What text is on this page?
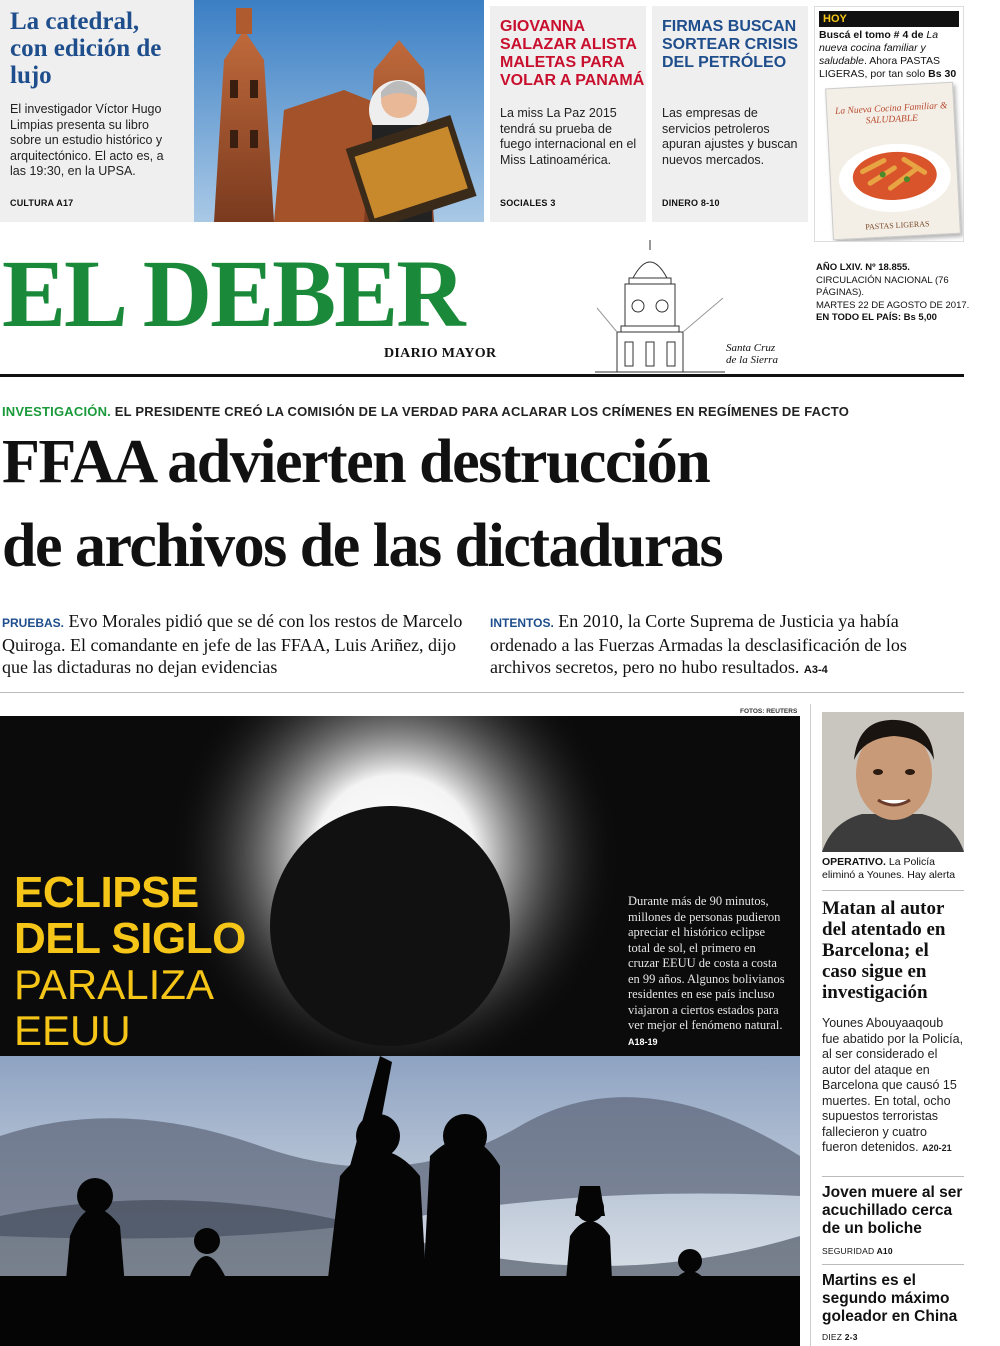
La catedral, con edición de lujo
El investigador Víctor Hugo Limpias presenta su libro sobre un estudio histórico y arquitectónico. El acto es, a las 19:30, en la UPSA.
CULTURA A17
GIOVANNA SALAZAR ALISTA MALETAS PARA VOLAR A PANAMÁ
La miss La Paz 2015 tendrá su prueba de fuego internacional en el Miss Latinoamérica.
SOCIALES 3
FIRMAS BUSCAN SORTEAR CRISIS DEL PETRÓLEO
Las empresas de servicios petroleros apuran ajustes y buscan nuevos mercados.
DINERO 8-10
HOY
Buscá el tomo # 4 de La nueva cocina familiar y saludable. Ahora PASTAS LIGERAS, por tan solo Bs 30
La Nueva Cocina Familiar & SALUDABLE
PASTAS LIGERAS
EL DEBER
DIARIO MAYOR	Santa Cruz
de la Sierra
AÑO LXIV. Nº 18.855.
CIRCULACIÓN NACIONAL (76 PÁGINAS).
MARTES 22 DE AGOSTO DE 2017.
EN TODO EL PAÍS: Bs 5,00
INVESTIGACIÓN. EL PRESIDENTE CREÓ LA COMISIÓN DE LA VERDAD PARA ACLARAR LOS CRÍMENES EN REGÍMENES DE FACTO
FFAA advierten destrucción
de archivos de las dictaduras
PRUEBAS. Evo Morales pidió que se dé con los restos de Marcelo Quiroga. El comandante en jefe de las FFAA, Luis Ariñez, dijo que las dictaduras no dejan evidencias
INTENTOS. En 2010, la Corte Suprema de Justicia ya había ordenado a las Fuerzas Armadas la desclasificación de los archivos secretos, pero no hubo resultados. A3-4
FOTOS: REUTERS
ECLIPSE
DEL SIGLO
PARALIZA
EEUU
Durante más de 90 minutos, millones de personas pudieron apreciar el histórico eclipse total de sol, el primero en cruzar EEUU de costa a costa en 99 años. Algunos bolivianos residentes en ese país incluso viajaron a ciertos estados para ver mejor el fenómeno natural. A18-19
OPERATIVO. La Policía eliminó a Younes. Hay alerta
Matan al autor del atentado en Barcelona; el caso sigue en investigación
Younes Abouyaaqoub fue abatido por la Policía, al ser considerado el autor del ataque en Barcelona que causó 15 muertes. En total, ocho supuestos terroristas fallecieron y cuatro fueron detenidos. A20-21
Joven muere al ser acuchillado cerca de un boliche
SEGURIDAD A10
Martins es el segundo máximo goleador en China
DIEZ 2-3
